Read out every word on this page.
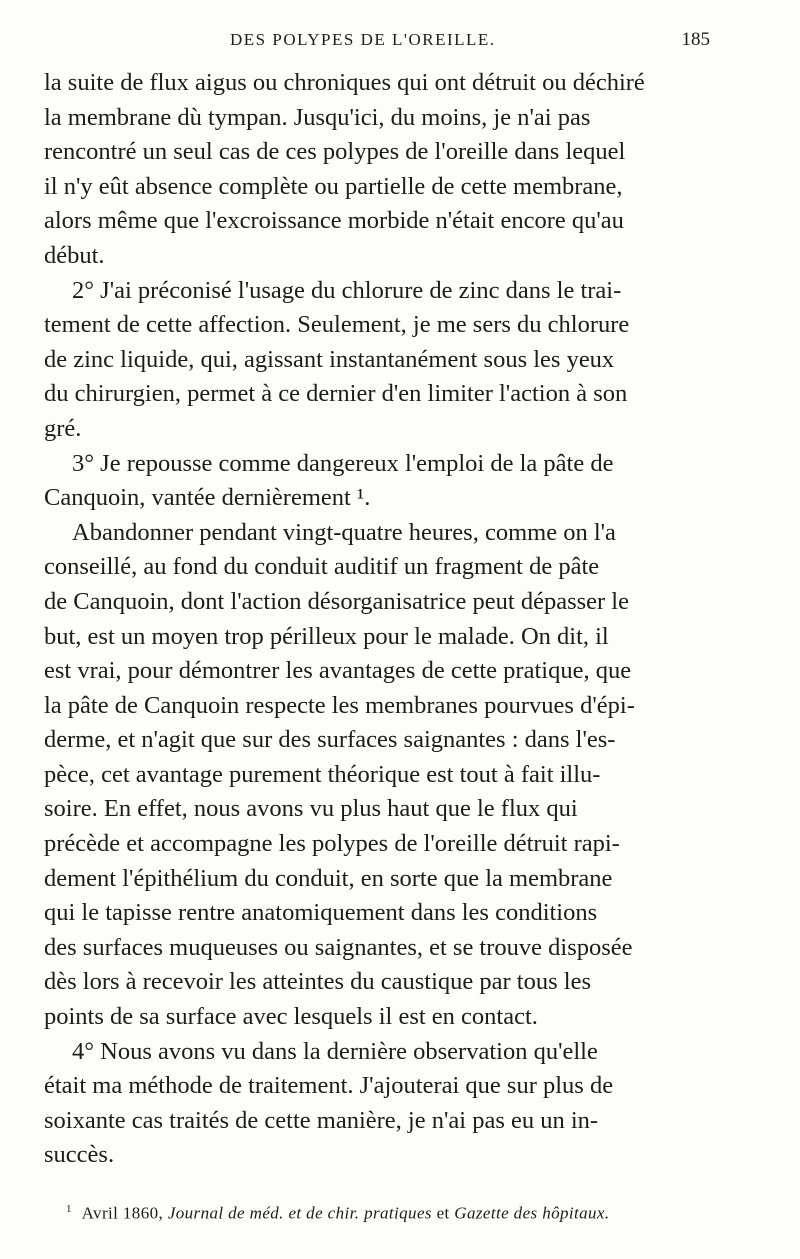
DES POLYPES DE L'OREILLE.	185

la suite de flux aigus ou chroniques qui ont détruit ou déchiré
la membrane dù tympan. Jusqu'ici, du moins, je n'ai pas
rencontré un seul cas de ces polypes de l'oreille dans lequel
il n'y eût absence complète ou partielle de cette membrane,
alors même que l'excroissance morbide n'était encore qu'au
début.

2° J'ai préconisé l'usage du chlorure de zinc dans le trai-
tement de cette affection. Seulement, je me sers du chlorure
de zinc liquide, qui, agissant instantanément sous les yeux
du chirurgien, permet à ce dernier d'en limiter l'action à son
gré.

3° Je repousse comme dangereux l'emploi de la pâte de
Canquoin, vantée dernièrement ¹.

Abandonner pendant vingt-quatre heures, comme on l'a
conseillé, au fond du conduit auditif un fragment de pâte
de Canquoin, dont l'action désorganisatrice peut dépasser le
but, est un moyen trop périlleux pour le malade. On dit, il
est vrai, pour démontrer les avantages de cette pratique, que
la pâte de Canquoin respecte les membranes pourvues d'épi-
derme, et n'agit que sur des surfaces saignantes : dans l'es-
pèce, cet avantage purement théorique est tout à fait illu-
soire. En effet, nous avons vu plus haut que le flux qui
précède et accompagne les polypes de l'oreille détruit rapi-
dement l'épithélium du conduit, en sorte que la membrane
qui le tapisse rentre anatomiquement dans les conditions
des surfaces muqueuses ou saignantes, et se trouve disposée
dès lors à recevoir les atteintes du caustique par tous les
points de sa surface avec lesquels il est en contact.

4° Nous avons vu dans la dernière observation qu'elle
était ma méthode de traitement. J'ajouterai que sur plus de
soixante cas traités de cette manière, je n'ai pas eu un in-
succès.

$^1$ Avril 1860, Journal de méd. et de chir. pratiques et Gazette des hôpitaux.
